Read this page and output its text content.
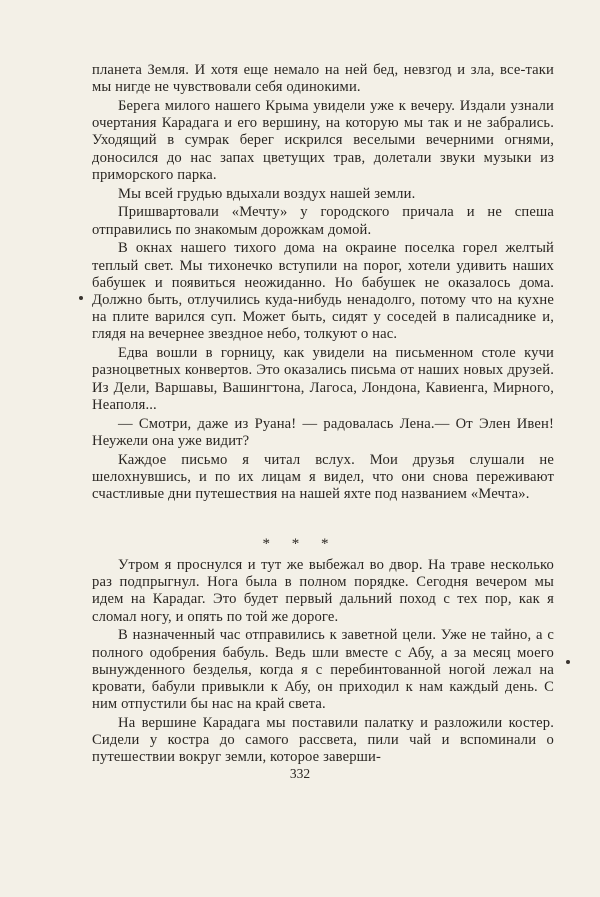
планета Земля. И хотя еще немало на ней бед, невзгод и зла, все-таки мы нигде не чувствовали себя одинокими.

Берега милого нашего Крыма увидели уже к вечеру. Издали узнали очертания Карадага и его вершину, на которую мы так и не забрались. Уходящий в сумрак берег искрился веселыми вечерними огнями, доносился до нас запах цветущих трав, долетали звуки музыки из приморского парка.

Мы всей грудью вдыхали воздух нашей земли.

Пришвартовали «Мечту» у городского причала и не спеша отправились по знакомым дорожкам домой.

В окнах нашего тихого дома на окраине поселка горел желтый теплый свет. Мы тихонечко вступили на порог, хотели удивить наших бабушек и появиться неожиданно. Но бабушек не оказалось дома. Должно быть, отлучились куда-нибудь ненадолго, потому что на кухне на плите варился суп. Может быть, сидят у соседей в палисаднике и, глядя на вечернее звездное небо, толкуют о нас.

Едва вошли в горницу, как увидели на письменном столе кучи разноцветных конвертов. Это оказались письма от наших новых друзей. Из Дели, Варшавы, Вашингтона, Лагоса, Лондона, Кавиенга, Мирного, Неаполя...

— Смотри, даже из Руана! — радовалась Лена.— От Элен Ивен! Неужели она уже видит?

Каждое письмо я читал вслух. Мои друзья слушали не шелохнувшись, и по их лицам я видел, что они снова переживают счастливые дни путешествия на нашей яхте под названием «Мечта».

* * *

Утром я проснулся и тут же выбежал во двор. На траве несколько раз подпрыгнул. Нога была в полном порядке. Сегодня вечером мы идем на Карадаг. Это будет первый дальний поход с тех пор, как я сломал ногу, и опять по той же дороге.

В назначенный час отправились к заветной цели. Уже не тайно, а с полного одобрения бабуль. Ведь шли вместе с Абу, а за месяц моего вынужденного безделья, когда я с перебинтованной ногой лежал на кровати, бабули привыкли к Абу, он приходил к нам каждый день. С ним отпустили бы нас на край света.

На вершине Карадага мы поставили палатку и разложили костер. Сидели у костра до самого рассвета, пили чай и вспоминали о путешествии вокруг земли, которое заверши-

332
